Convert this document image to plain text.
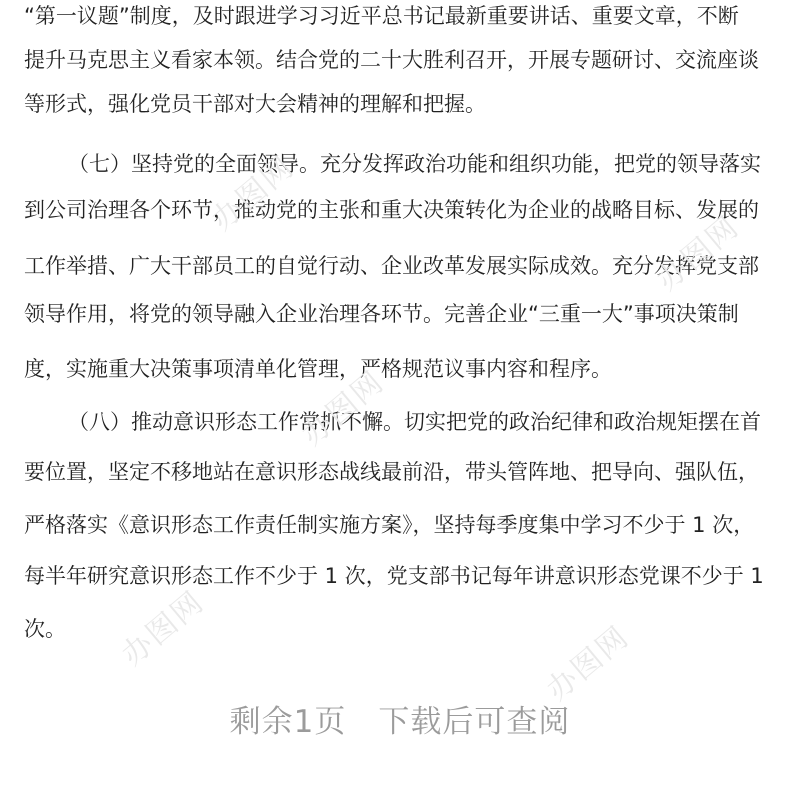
“第一议题”制度，及时跟进学习习近平总书记最新重要讲话、重要文章，不断
提升马克思主义看家本领。结合党的二十大胜利召开，开展专题研讨、交流座谈
等形式，强化党员干部对大会精神的理解和把握。
（七）坚持党的全面领导。充分发挥政治功能和组织功能，把党的领导落实
到公司治理各个环节，推动党的主张和重大决策转化为企业的战略目标、发展的
工作举措、广大干部员工的自觉行动、企业改革发展实际成效。充分发挥党支部
领导作用，将党的领导融入企业治理各环节。完善企业“三重一大”事项决策制
度，实施重大决策事项清单化管理，严格规范议事内容和程序。
（八）推动意识形态工作常抓不懈。切实把党的政治纪律和政治规矩摆在首
要位置，坚定不移地站在意识形态战线最前沿，带头管阵地、把导向、强队伍，
严格落实《意识形态工作责任制实施方案》，坚持每季度集中学习不少于 1 次，
每半年研究意识形态工作不少于 1 次，党支部书记每年讲意识形态党课不少于 1
次。
办图网
办图网
办图网
办图网	办图网
剩余1页　下载后可查阅
